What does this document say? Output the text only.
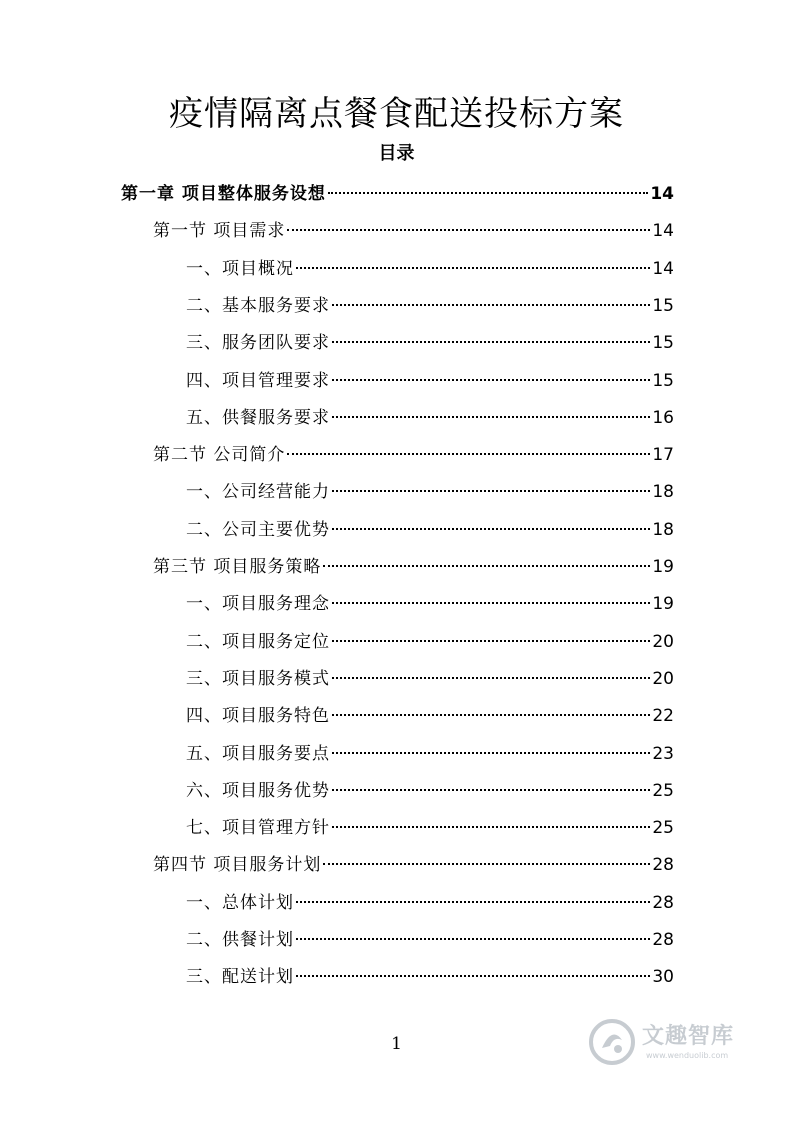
疫情隔离点餐食配送投标方案
目录
第一章 项目整体服务设想	14
第一节 项目需求	14
一、项目概况	14
二、基本服务要求	15
三、服务团队要求	15
四、项目管理要求	15
五、供餐服务要求	16
第二节 公司简介	17
一、公司经营能力	18
二、公司主要优势	18
第三节 项目服务策略	19
一、项目服务理念	19
二、项目服务定位	20
三、项目服务模式	20
四、项目服务特色	22
五、项目服务要点	23
六、项目服务优势	25
七、项目管理方针	25
第四节 项目服务计划	28
一、总体计划	28
二、供餐计划	28
三、配送计划	30
1	文趣智库
www.wenduolib.com
